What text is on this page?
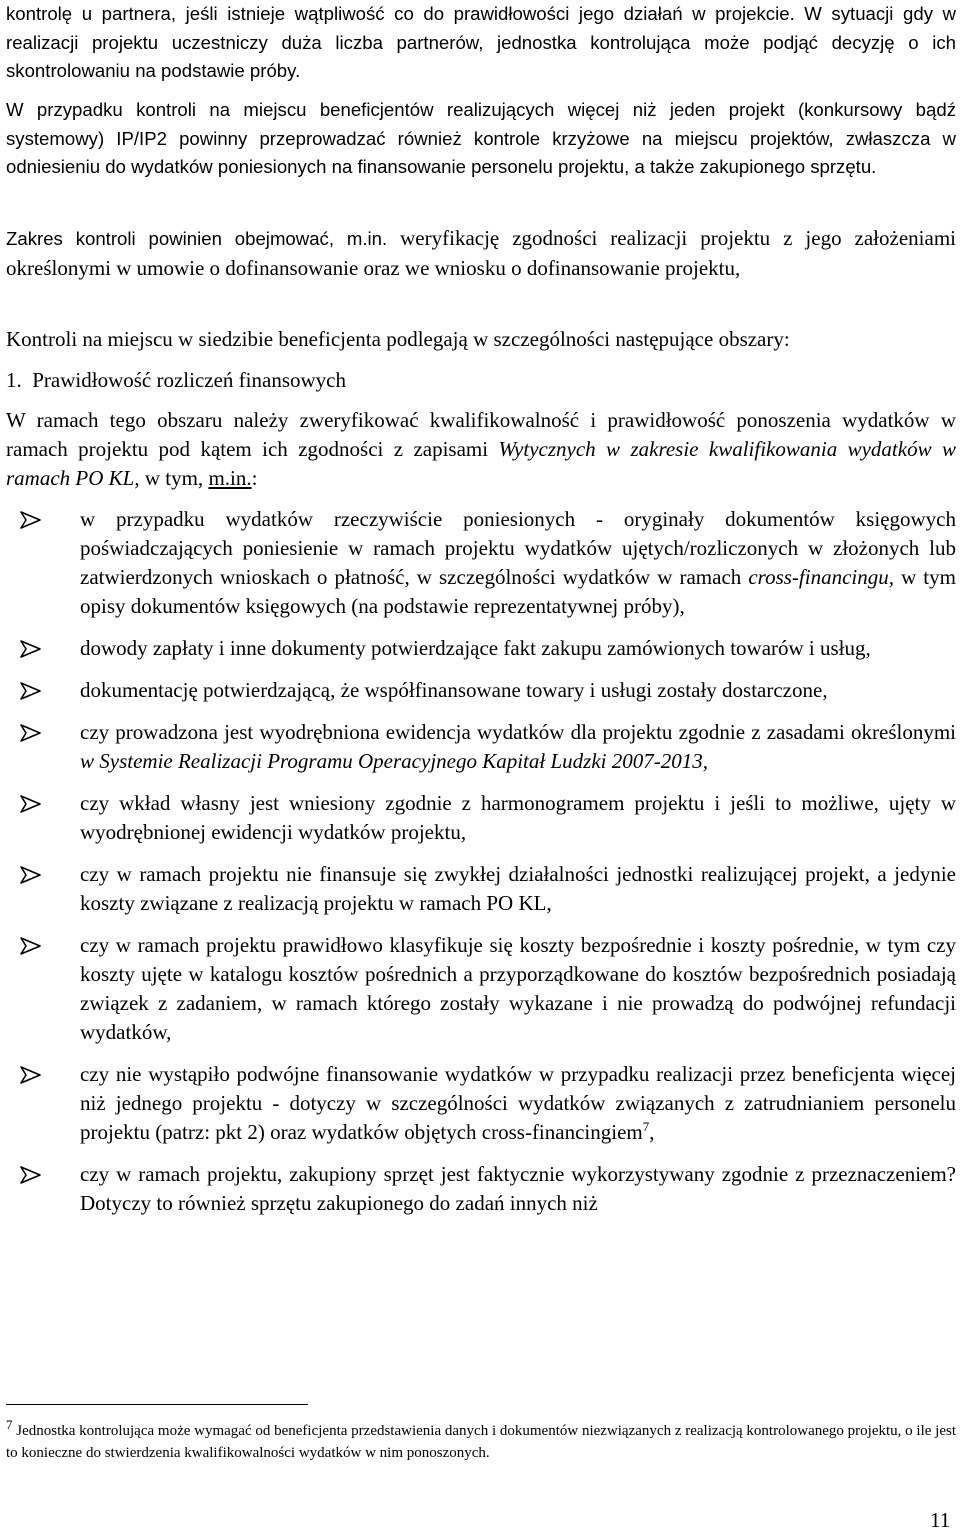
kontrolę u partnera, jeśli istnieje wątpliwość co do prawidłowości jego działań w projekcie. W sytuacji gdy w realizacji projektu uczestniczy duża liczba partnerów, jednostka kontrolująca może podjąć decyzję o ich skontrolowaniu na podstawie próby.

W przypadku kontroli na miejscu beneficjentów realizujących więcej niż jeden projekt (konkursowy bądź systemowy) IP/IP2 powinny przeprowadzać również kontrole krzyżowe na miejscu projektów, zwłaszcza w odniesieniu do wydatków poniesionych na finansowanie personelu projektu, a także zakupionego sprzętu.

Zakres kontroli powinien obejmować, m.in. weryfikację zgodności realizacji projektu z jego założeniami określonymi w umowie o dofinansowanie oraz we wniosku o dofinansowanie projektu,

Kontroli na miejscu w siedzibie beneficjenta podlegają w szczególności następujące obszary:

1.  Prawidłowość rozliczeń finansowych

W ramach tego obszaru należy zweryfikować kwalifikowalność i prawidłowość ponoszenia wydatków w ramach projektu pod kątem ich zgodności z zapisami Wytycznych w zakresie kwalifikowania wydatków w ramach PO KL, w tym, m.in.:

w przypadku wydatków rzeczywiście poniesionych - oryginały dokumentów księgowych poświadczających poniesienie w ramach projektu wydatków ujętych/rozliczonych w złożonych lub zatwierdzonych wnioskach o płatność, w szczególności wydatków w ramach cross-financingu, w tym opisy dokumentów księgowych (na podstawie reprezentatywnej próby),
dowody zapłaty i inne dokumenty potwierdzające fakt zakupu zamówionych towarów i usług,
dokumentację potwierdzającą, że współfinansowane towary i usługi zostały dostarczone,
czy prowadzona jest wyodrębniona ewidencja wydatków dla projektu zgodnie z zasadami określonymi w Systemie Realizacji Programu Operacyjnego Kapitał Ludzki 2007-2013,
czy wkład własny jest wniesiony zgodnie z harmonogramem projektu i jeśli to możliwe, ujęty w wyodrębnionej ewidencji wydatków projektu,
czy w ramach projektu nie finansuje się zwykłej działalności jednostki realizującej projekt, a jedynie koszty związane z realizacją projektu w ramach PO KL,
czy w ramach projektu prawidłowo klasyfikuje się koszty bezpośrednie i koszty pośrednie, w tym czy koszty ujęte w katalogu kosztów pośrednich a przyporządkowane do kosztów bezpośrednich posiadają związek z zadaniem, w ramach którego zostały wykazane i nie prowadzą do podwójnej refundacji wydatków,
czy nie wystąpiło podwójne finansowanie wydatków w przypadku realizacji przez beneficjenta więcej niż jednego projektu - dotyczy w szczególności wydatków związanych z zatrudnianiem personelu projektu (patrz: pkt 2) oraz wydatków objętych cross-financingiem$^7$,
czy w ramach projektu, zakupiony sprzęt jest faktycznie wykorzystywany zgodnie z przeznaczeniem? Dotyczy to również sprzętu zakupionego do zadań innych niż

$^7$ Jednostka kontrolująca może wymagać od beneficjenta przedstawienia danych i dokumentów niezwiązanych z realizacją kontrolowanego projektu, o ile jest to konieczne do stwierdzenia kwalifikowalności wydatków w nim ponoszonych.

11
